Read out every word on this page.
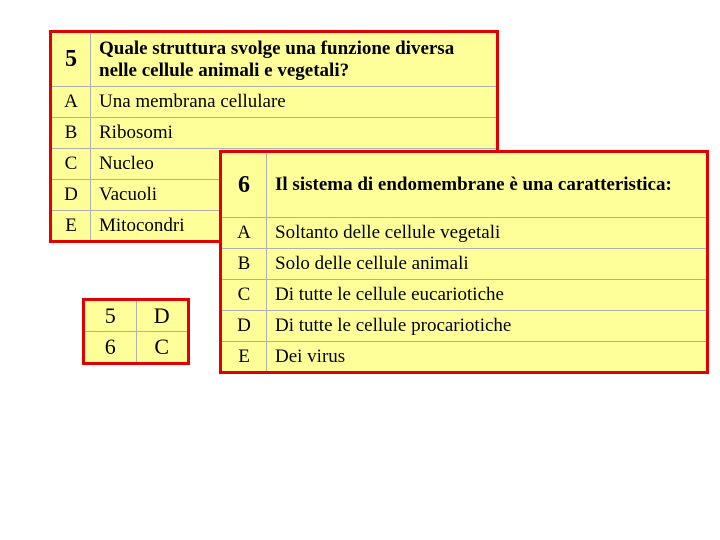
5	Quale struttura svolge una funzione diversa
nelle cellule animali e vegetali?
A	Una membrana cellulare
B	Ribosomi
C	Nucleo
D	Vacuoli
E	Mitocondri
5	D
6	C
6	Il sistema di endomembrane è una caratteristica:
A	Soltanto delle cellule vegetali
B	Solo delle cellule animali
C	Di tutte le cellule eucariotiche
D	Di tutte le cellule procariotiche
E	Dei virus
